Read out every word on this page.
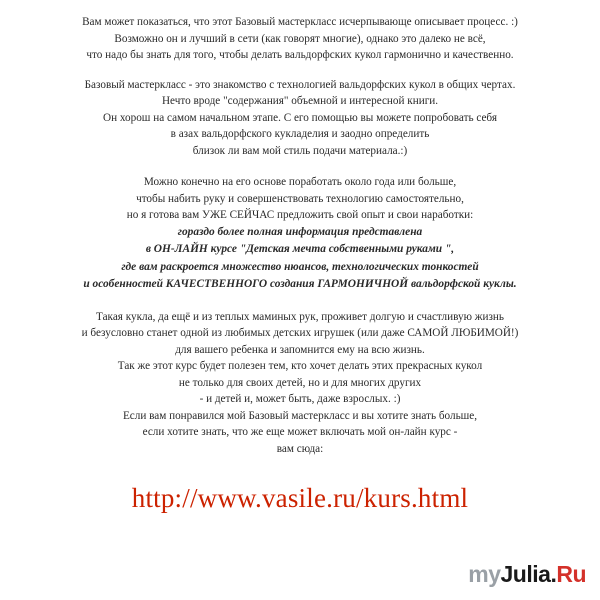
Вам может показаться, что этот Базовый мастеркласс исчерпывающе описывает процесс. :)
Возможно он и лучший в сети (как говорят многие), однако это далеко не всё,
что надо бы знать для того, чтобы делать вальдорфских кукол гармонично и качественно.
Базовый мастеркласс - это знакомство с технологией вальдорфских кукол в общих чертах.
Нечто вроде "содержания" объемной и интересной книги.
Он хорош на самом начальном этапе. С его помощью вы можете попробовать себя
в азах вальдорфского кукладелия и заодно определить
близок ли вам мой стиль подачи материала.:)
Можно конечно на его основе поработать около года или больше,
чтобы набить руку и совершенствовать технологию самостоятельно,
но я готова вам УЖЕ СЕЙЧАС предложить свой опыт и свои наработки:
гораздо более полная информация представлена
в ОН-ЛАЙН курсе "Детская мечта собственными руками ",
где вам раскроется множество нюансов, технологических тонкостей
и особенностей КАЧЕСТВЕННОГО создания ГАРМОНИЧНОЙ вальдорфской куклы.
Такая кукла, да ещё и из теплых маминых рук, проживет долгую и счастливую жизнь
и безусловно станет одной из любимых детских игрушек (или даже САМОЙ ЛЮБИМОЙ!)
для вашего ребенка и запомнится ему на всю жизнь.
Так же этот курс будет полезен тем, кто хочет делать этих прекрасных кукол
не только для своих детей, но и для многих других
- и детей и, может быть, даже взрослых. :)
Если вам понравился мой Базовый мастеркласс и вы хотите знать больше,
если хотите знать, что же еще может включать мой он-лайн курс -
вам сюда:
http://www.vasile.ru/kurs.html
myJulia.Ru
